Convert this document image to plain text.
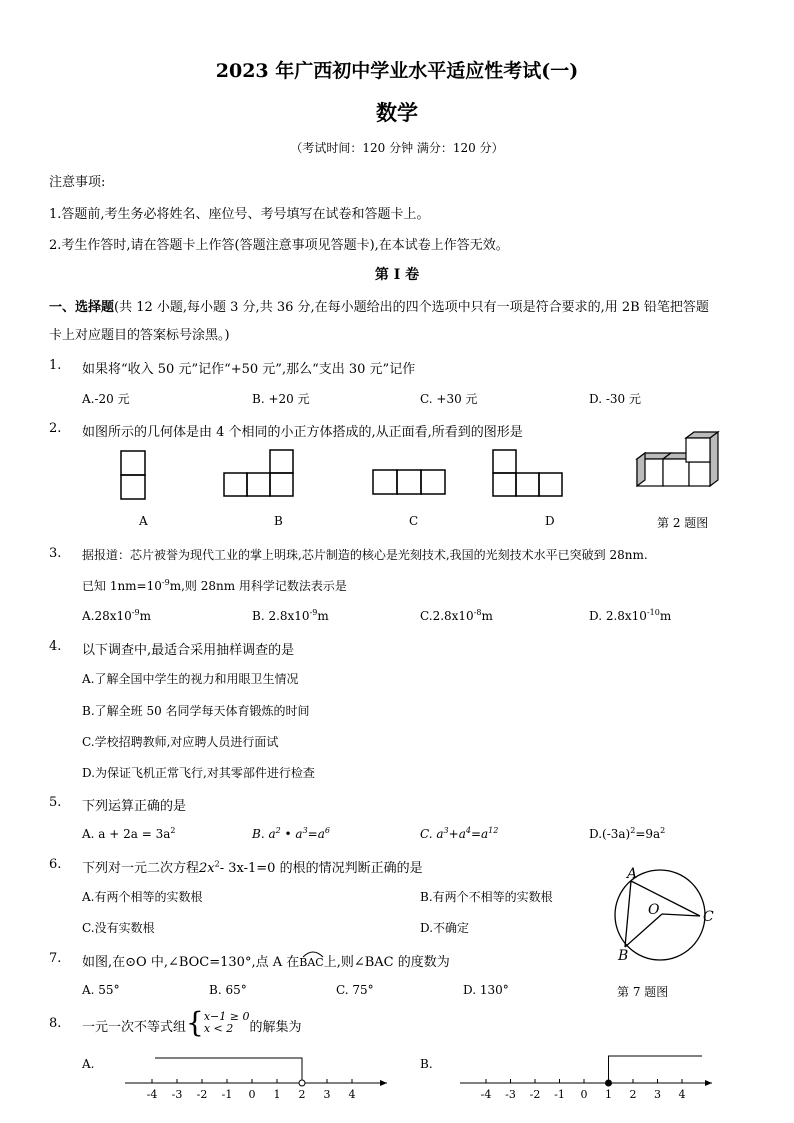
2023 年广西初中学业水平适应性考试(一)
数学
（考试时间：120 分钟 满分：120 分）
注意事项:
1.答题前,考生务必将姓名、座位号、考号填写在试卷和答题卡上。
2.考生作答时,请在答题卡上作答(答题注意事项见答题卡),在本试卷上作答无效。
第 I 卷
一、选择题(共 12 小题,每小题 3 分,共 36 分,在每小题给出的四个选项中只有一项是符合要求的,用 2B 铅笔把答题
卡上对应题目的答案标号涂黑。)
1. 如果将“收入 50 元”记作“+50 元”,那么“支出 30 元”记作
A.-20 元	B. +20 元	C. +30 元	D. -30 元
2. 如图所示的几何体是由 4 个相同的小正方体搭成的,从正面看,所看到的图形是
A	B	C	D	第 2 题图
3. 据报道：芯片被誉为现代工业的掌上明珠,芯片制造的核心是光刻技术,我国的光刻技术水平已突破到 28nm.
已知 $1nm=10^{-9}m$,则 28nm 用科学记数法表示是
$A.28x10^{-9}m$	B. $2.8x10^{-9}m$	$C.2.8x10^{-8}m$	D. $2.8x10^{-10}m$
4. 以下调查中,最适合采用抽样调查的是
A.了解全国中学生的视力和用眼卫生情况
B.了解全班 50 名同学每天体育锻炼的时间
C.学校招聘教师,对应聘人员进行面试
D.为保证飞机正常飞行,对其零部件进行检查
5. 下列运算正确的是
A. $a + 2a = 3a^2$	B. $a^2$ • $a^3=a^6$	C. $a^3+a^4=a^{12}$	$D.(-3a)^2=9a^2$
6. 下列对一元二次方程$2x^2-$ 3x-1=0 的根的情况判断正确的是
A.有两个相等的实数根	B.有两个不相等的实数根
C.没有实数根	D.不确定
A
O
B
C
7. 如图,在⊙O 中,∠BOC=130°,点 A 在
BAC上,则∠BAC 的度数为
A. 55°	B. 65°	C. 75°	D. 130°	第 7 题图
8. 一元一次不等式组 { x−1 ≥ 0
x < 2	的解集为
A.	B.
-4 -3 -2 -1 0 1 2 3 4	-4 -3 -2 -1 0 1 2 3 4
